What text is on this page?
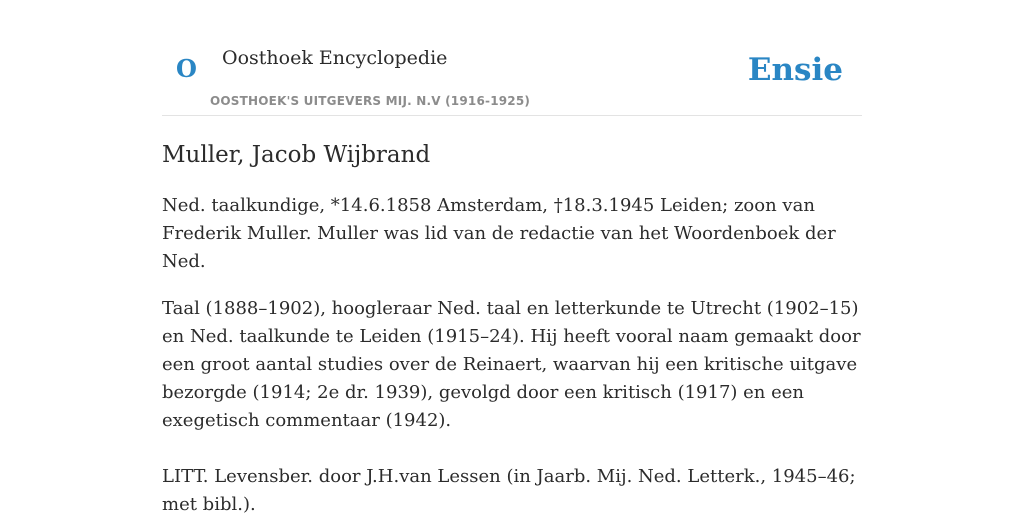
O Oosthoek Encyclopedie
OOSTHOEK'S UITGEVERS MIJ. N.V (1916-1925)
Ensie
Muller, Jacob Wijbrand

Ned. taalkundige, *14.6.1858 Amsterdam, †18.3.1945 Leiden; zoon van Frederik Muller. Muller was lid van de redactie van het Woordenboek der Ned.

Taal (1888–1902), hoogleraar Ned. taal en letterkunde te Utrecht (1902–15) en Ned. taalkunde te Leiden (1915–24). Hij heeft vooral naam gemaakt door een groot aantal studies over de Reinaert, waarvan hij een kritische uitgave bezorgde (1914; 2e dr. 1939), gevolgd door een kritisch (1917) en een exegetisch commentaar (1942).

LITT. Levensber. door J.H.van Lessen (in Jaarb. Mij. Ned. Letterk., 1945–46; met bibl.).
